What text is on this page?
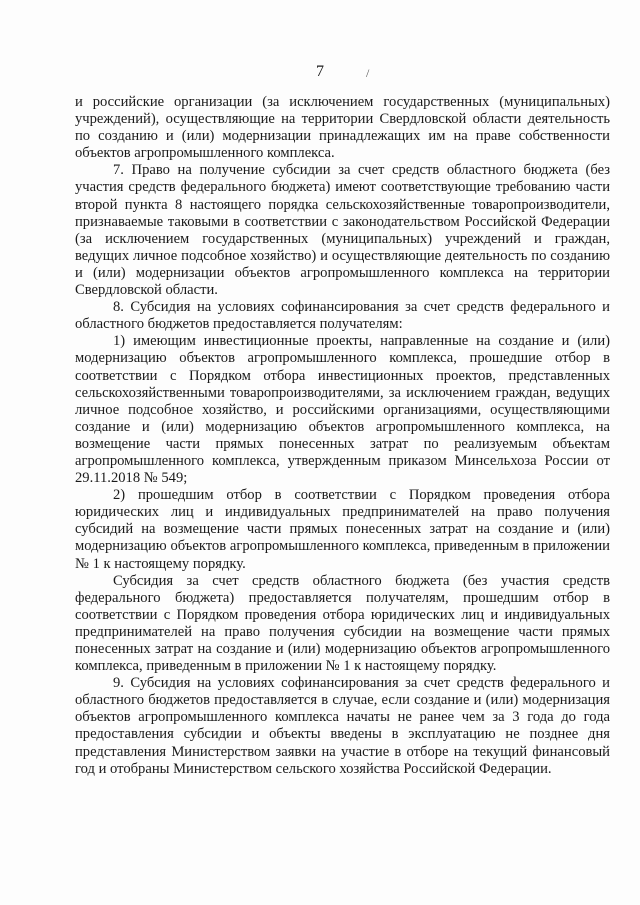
7	/

и российские организации (за исключением государственных (муниципальных) учреждений), осуществляющие на территории Свердловской области деятельность по созданию и (или) модернизации принадлежащих им на праве собственности объектов агропромышленного комплекса.

7. Право на получение субсидии за счет средств областного бюджета (без участия средств федерального бюджета) имеют соответствующие требованию части второй пункта 8 настоящего порядка сельскохозяйственные товаропроизводители, признаваемые таковыми в соответствии с законодательством Российской Федерации (за исключением государственных (муниципальных) учреждений и граждан, ведущих личное подсобное хозяйство) и осуществляющие деятельность по созданию и (или) модернизации объектов агропромышленного комплекса на территории Свердловской области.

8. Субсидия на условиях софинансирования за счет средств федерального и областного бюджетов предоставляется получателям:

1) имеющим инвестиционные проекты, направленные на создание и (или) модернизацию объектов агропромышленного комплекса, прошедшие отбор в соответствии с Порядком отбора инвестиционных проектов, представленных сельскохозяйственными товаропроизводителями, за исключением граждан, ведущих личное подсобное хозяйство, и российскими организациями, осуществляющими создание и (или) модернизацию объектов агропромышленного комплекса, на возмещение части прямых понесенных затрат по реализуемым объектам агропромышленного комплекса, утвержденным приказом Минсельхоза России от 29.11.2018 № 549;

2) прошедшим отбор в соответствии с Порядком проведения отбора юридических лиц и индивидуальных предпринимателей на право получения субсидий на возмещение части прямых понесенных затрат на создание и (или) модернизацию объектов агропромышленного комплекса, приведенным в приложении № 1 к настоящему порядку.

Субсидия за счет средств областного бюджета (без участия средств федерального бюджета) предоставляется получателям, прошедшим отбор в соответствии с Порядком проведения отбора юридических лиц и индивидуальных предпринимателей на право получения субсидии на возмещение части прямых понесенных затрат на создание и (или) модернизацию объектов агропромышленного комплекса, приведенным в приложении № 1 к настоящему порядку.

9. Субсидия на условиях софинансирования за счет средств федерального и областного бюджетов предоставляется в случае, если создание и (или) модернизация объектов агропромышленного комплекса начаты не ранее чем за 3 года до года предоставления субсидии и объекты введены в эксплуатацию не позднее дня представления Министерством заявки на участие в отборе на текущий финансовый год и отобраны Министерством сельского хозяйства Российской Федерации.
